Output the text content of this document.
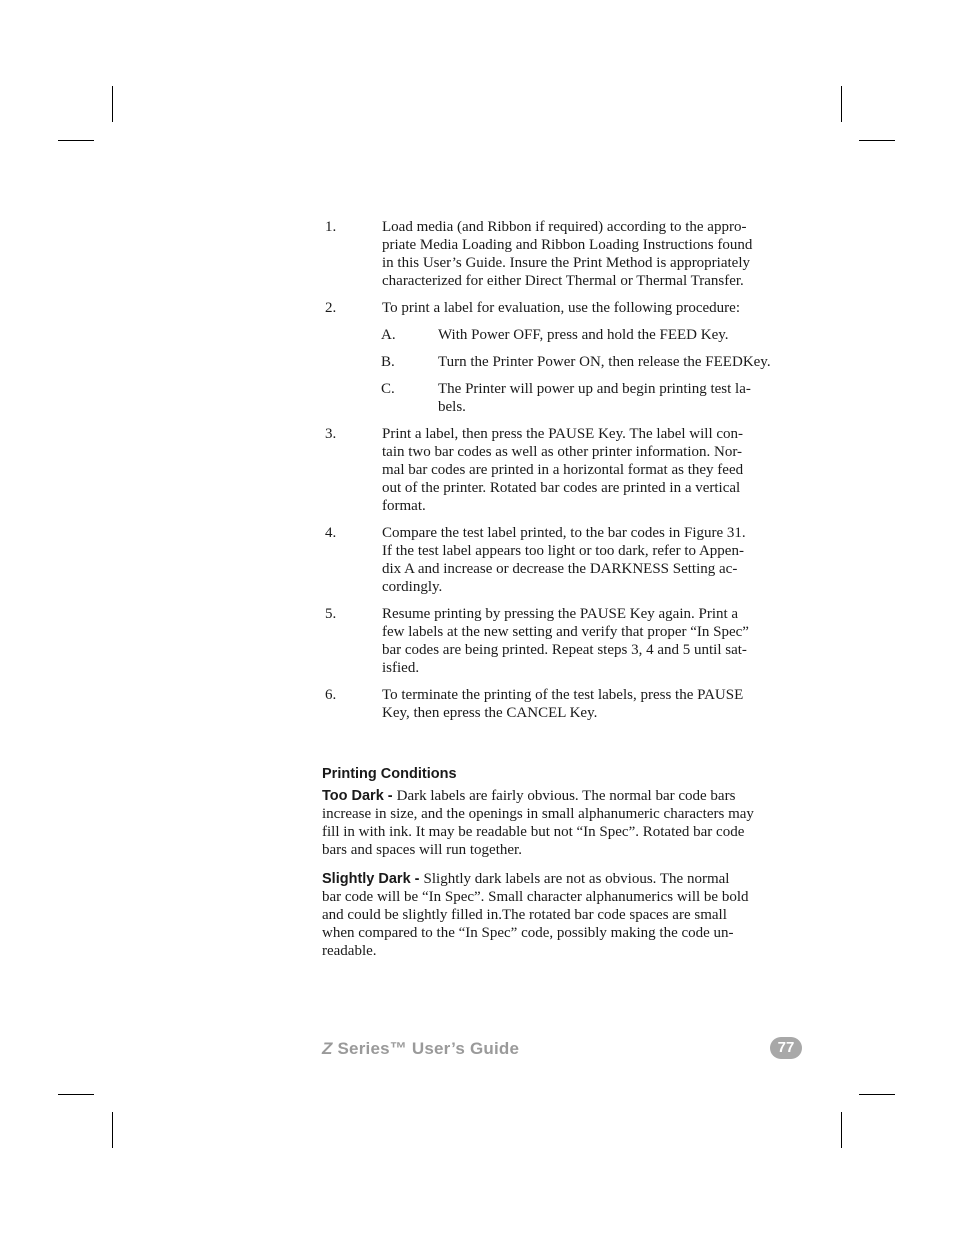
1.	Load media (and Ribbon if required) according to the appro-
priate Media Loading and Ribbon Loading Instructions found
in this User’s Guide. Insure the Print Method is appropriately
characterized for either Direct Thermal or Thermal Transfer.
2.	To print a label for evaluation, use the following procedure:
A.	With Power OFF, press and hold the FEED Key.
B.	Turn the Printer Power ON, then release the FEEDKey.
C.	The Printer will power up and begin printing test la-bels.
3.	Print a label, then press the PAUSE Key. The label will con-
tain two bar codes as well as other printer information. Nor-
mal bar codes are printed in a horizontal format as they feed
out of the printer. Rotated bar codes are printed in a vertical
format.
4.	Compare the test label printed, to the bar codes in Figure 31.
If the test label appears too light or too dark, refer to Appen-
dix A and increase or decrease the DARKNESS Setting ac-
cordingly.
5.	Resume printing by pressing the PAUSE Key again. Print a
few labels at the new setting and verify that proper “In Spec”
bar codes are being printed. Repeat steps 3, 4 and 5 until sat-
isfied.
6.	To terminate the printing of the test labels, press the PAUSE
Key, then epress the CANCEL Key.
Printing Conditions
Too Dark - Dark labels are fairly obvious. The normal bar code bars
increase in size, and the openings in small alphanumeric characters may
fill in with ink. It may be readable but not “In Spec”. Rotated bar code
bars and spaces will run together.
Slightly Dark - Slightly dark labels are not as obvious. The normal
bar code will be “In Spec”. Small character alphanumerics will be bold
and could be slightly filled in.The rotated bar code spaces are small
when compared to the “In Spec” code, possibly making the code un-
readable.
Z Series™ User’s Guide	77
